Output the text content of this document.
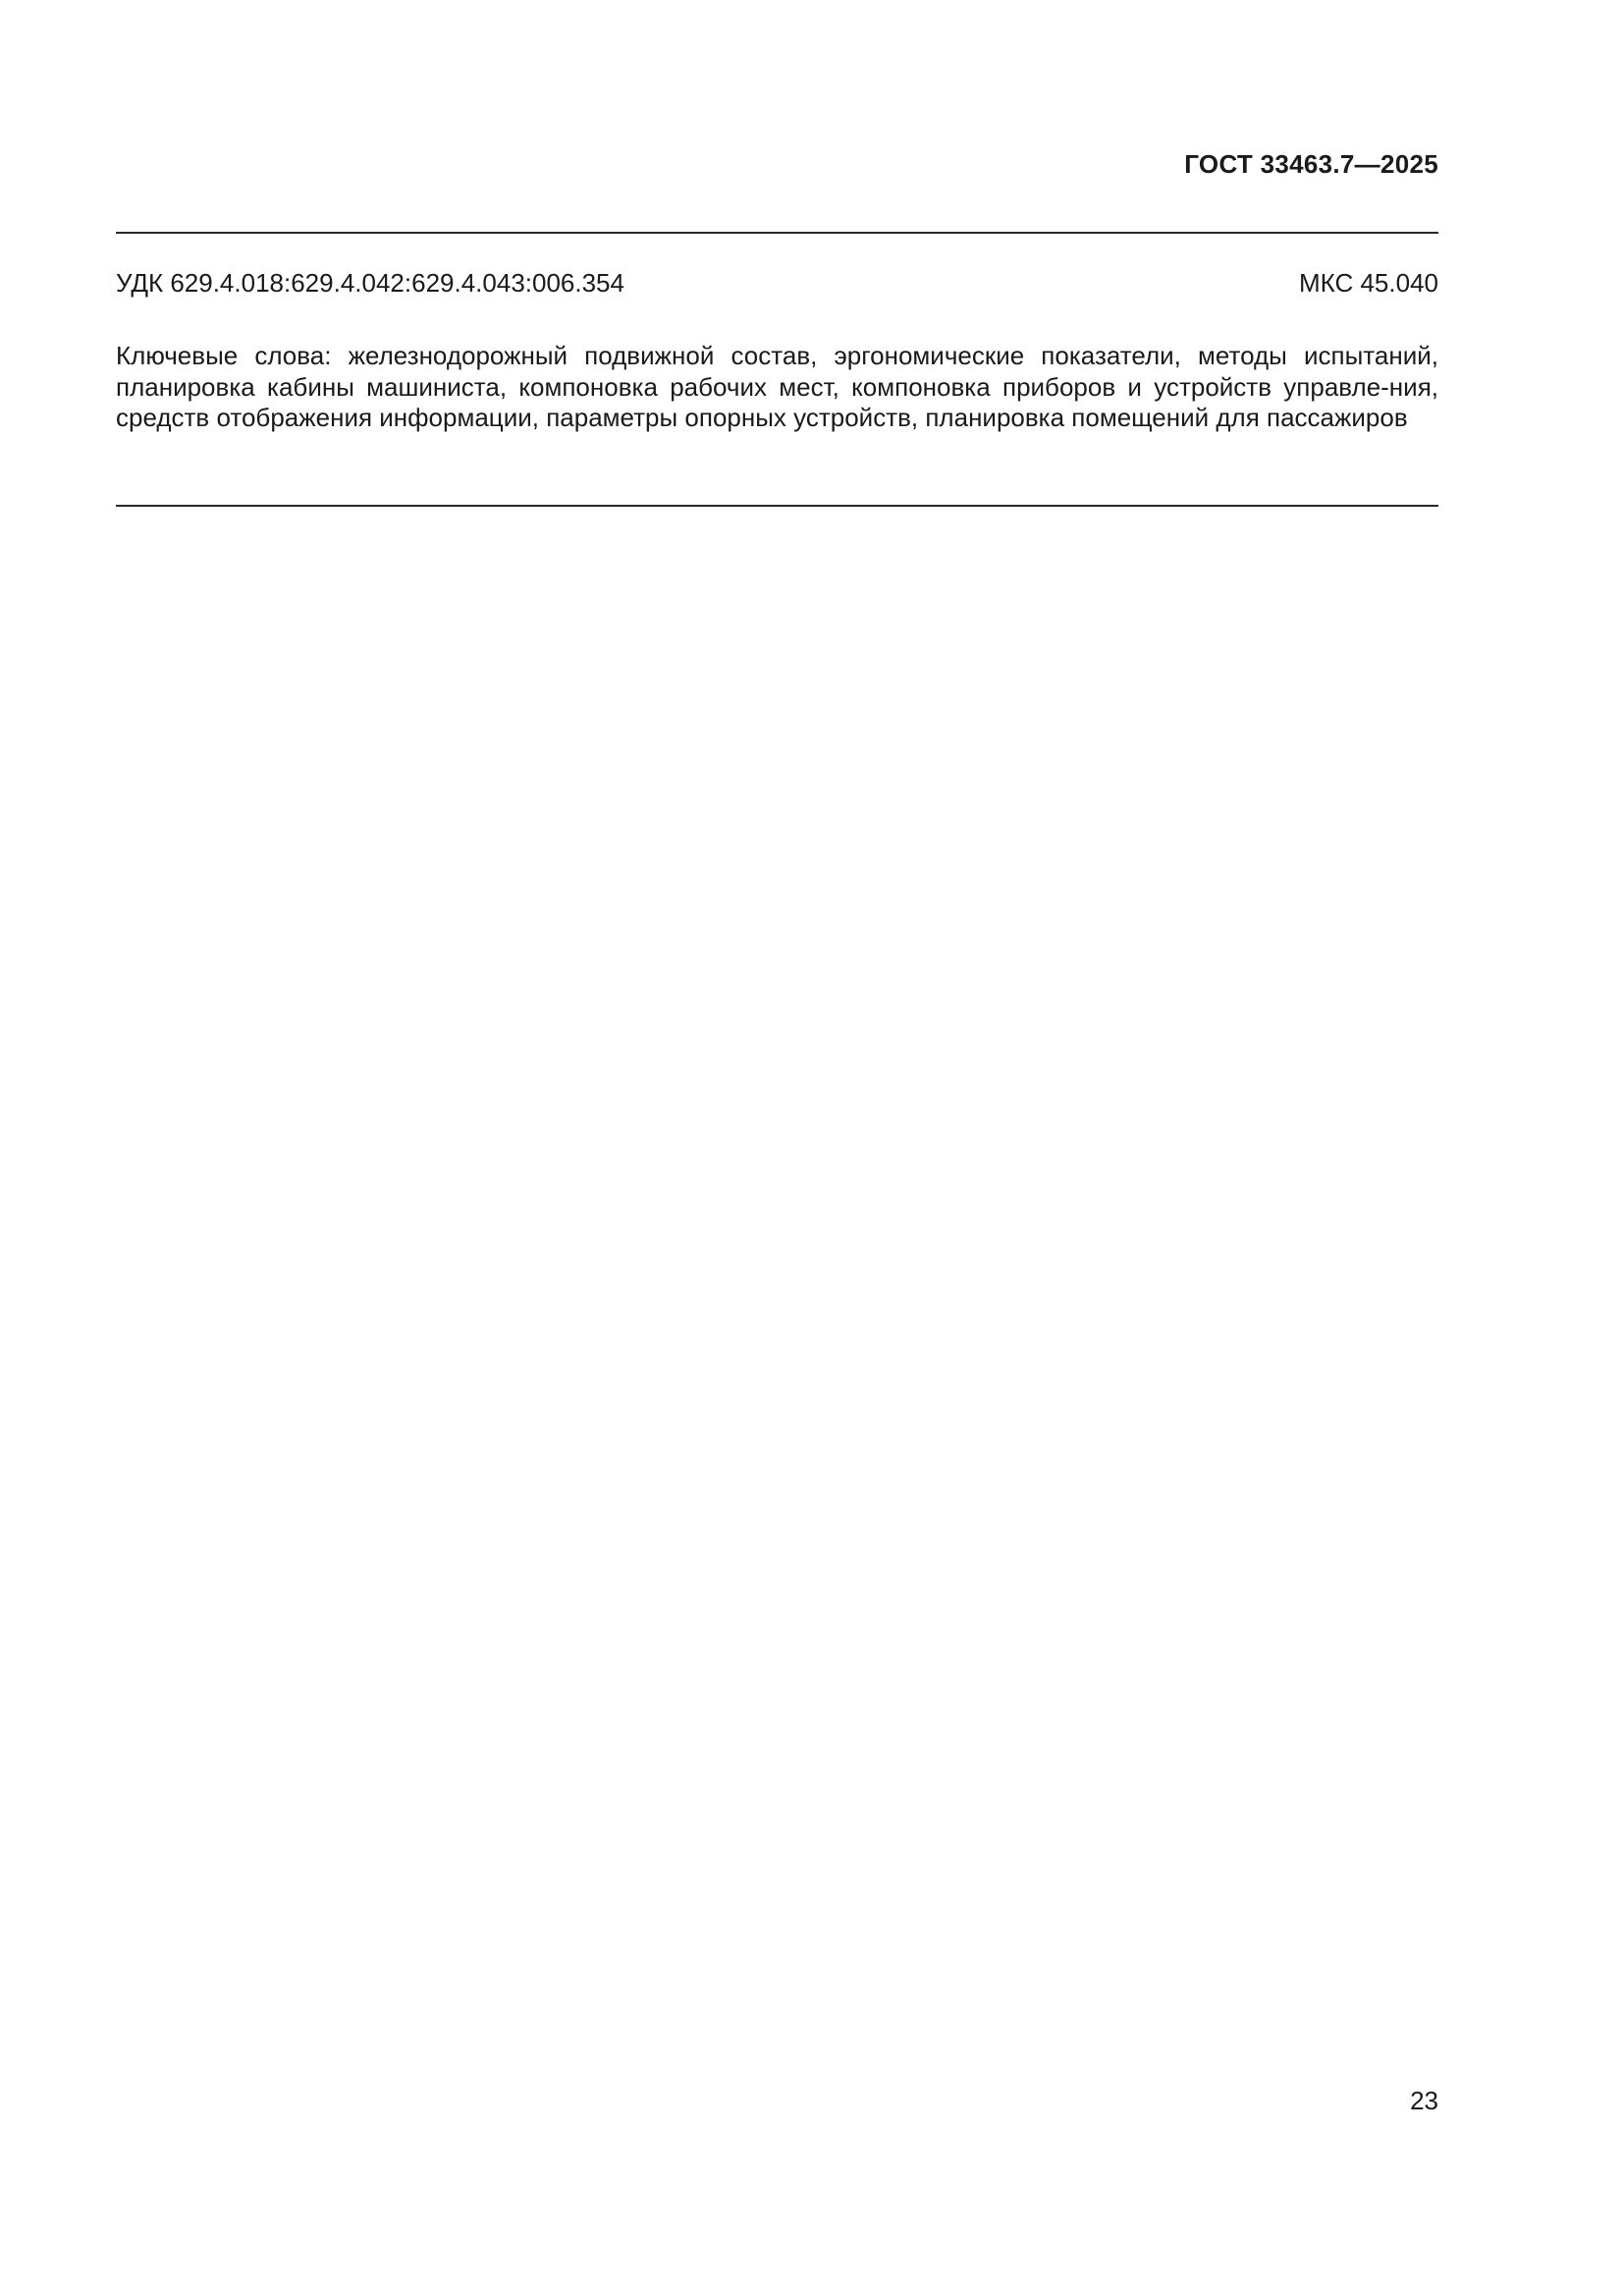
ГОСТ 33463.7—2025
УДК 629.4.018:629.4.042:629.4.043:006.354	МКС 45.040
Ключевые слова: железнодорожный подвижной состав, эргономические показатели, методы испытаний, планировка кабины машиниста, компоновка рабочих мест, компоновка приборов и устройств управле-ния, средств отображения информации, параметры опорных устройств, планировка помещений для пассажиров
23
